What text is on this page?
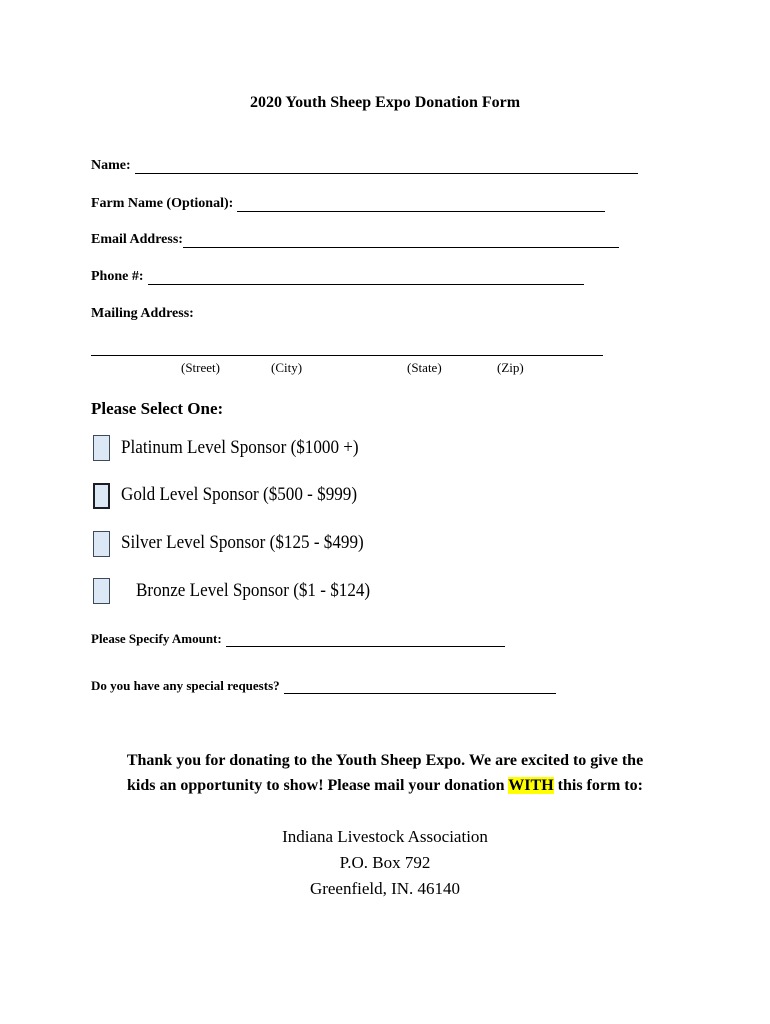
2020 Youth Sheep Expo Donation Form
Name:
Farm Name (Optional):
Email Address:
Phone #:
Mailing Address:
(Street)	(City)	(State)	(Zip)
Please Select One:
Platinum Level Sponsor ($1000 +)
Gold Level Sponsor ($500 - $999)
Silver Level Sponsor ($125 - $499)
Bronze Level Sponsor ($1 - $124)
Please Specify Amount:
Do you have any special requests?
Thank you for donating to the Youth Sheep Expo. We are excited to give the
kids an opportunity to show! Please mail your donation WITH this form to:
Indiana Livestock Association
P.O. Box 792
Greenfield, IN. 46140
